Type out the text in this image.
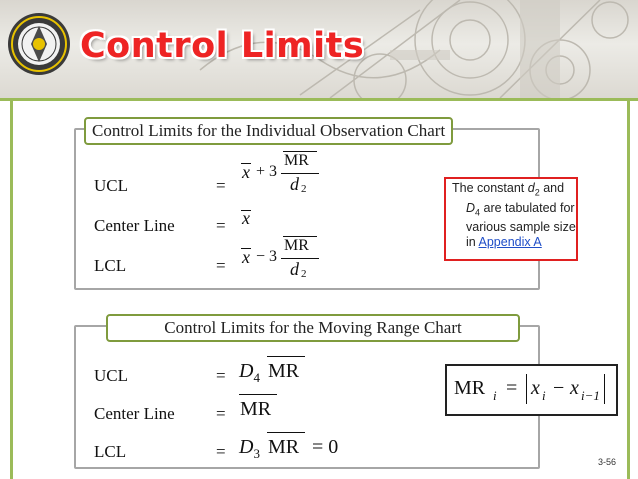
Control Limits
Control Limits for the Individual Observation Chart
UCL	=
x + 3
MR
d 2
Center Line = x
LCL	= x − 3
MR
d 2
The constant $d_2$ and
$D_4$ are tabulated for
various sample size
in Appendix A
Control Limits for the Moving Range Chart
UCL	= $D_4$ MR
Center Line = MR
LCL	= $D_3$ MR = 0
MR i = x i − x i−1
3-56
